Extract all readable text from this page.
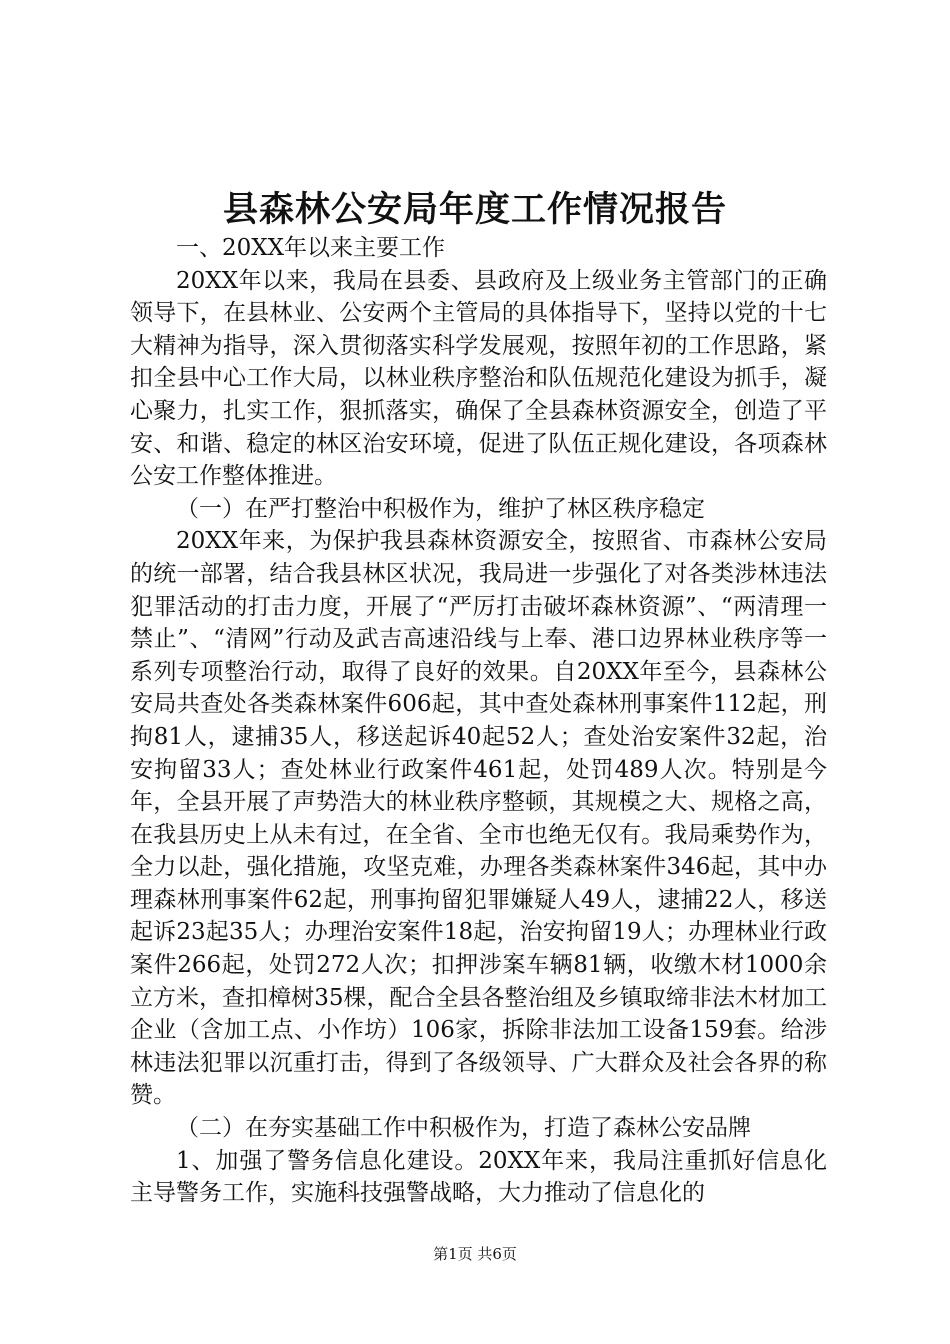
县森林公安局年度工作情况报告

一、20XX年以来主要工作

20XX年以来，我局在县委、县政府及上级业务主管部门的正确领导下，在县林业、公安两个主管局的具体指导下，坚持以党的十七大精神为指导，深入贯彻落实科学发展观，按照年初的工作思路，紧扣全县中心工作大局，以林业秩序整治和队伍规范化建设为抓手，凝心聚力，扎实工作，狠抓落实，确保了全县森林资源安全，创造了平安、和谐、稳定的林区治安环境，促进了队伍正规化建设，各项森林公安工作整体推进。

（一）在严打整治中积极作为，维护了林区秩序稳定

20XX年来，为保护我县森林资源安全，按照省、市森林公安局的统一部署，结合我县林区状况，我局进一步强化了对各类涉林违法犯罪活动的打击力度，开展了“严厉打击破坏森林资源”、“两清理一禁止”、“清网”行动及武吉高速沿线与上奉、港口边界林业秩序等一系列专项整治行动，取得了良好的效果。自20XX年至今，县森林公安局共查处各类森林案件606起，其中查处森林刑事案件112起，刑拘81人，逮捕35人，移送起诉40起52人；查处治安案件32起，治安拘留33人；查处林业行政案件461起，处罚489人次。特别是今年，全县开展了声势浩大的林业秩序整顿，其规模之大、规格之高，在我县历史上从未有过，在全省、全市也绝无仅有。我局乘势作为，全力以赴，强化措施，攻坚克难，办理各类森林案件346起，其中办理森林刑事案件62起，刑事拘留犯罪嫌疑人49人，逮捕22人，移送起诉23起35人；办理治安案件18起，治安拘留19人；办理林业行政案件266起，处罚272人次；扣押涉案车辆81辆，收缴木材1000余立方米，查扣樟树35棵，配合全县各整治组及乡镇取缔非法木材加工企业（含加工点、小作坊）106家，拆除非法加工设备159套。给涉林违法犯罪以沉重打击，得到了各级领导、广大群众及社会各界的称赞。

（二）在夯实基础工作中积极作为，打造了森林公安品牌

1、加强了警务信息化建设。20XX年来，我局注重抓好信息化主导警务工作，实施科技强警战略，大力推动了信息化的

第1页 共6页
